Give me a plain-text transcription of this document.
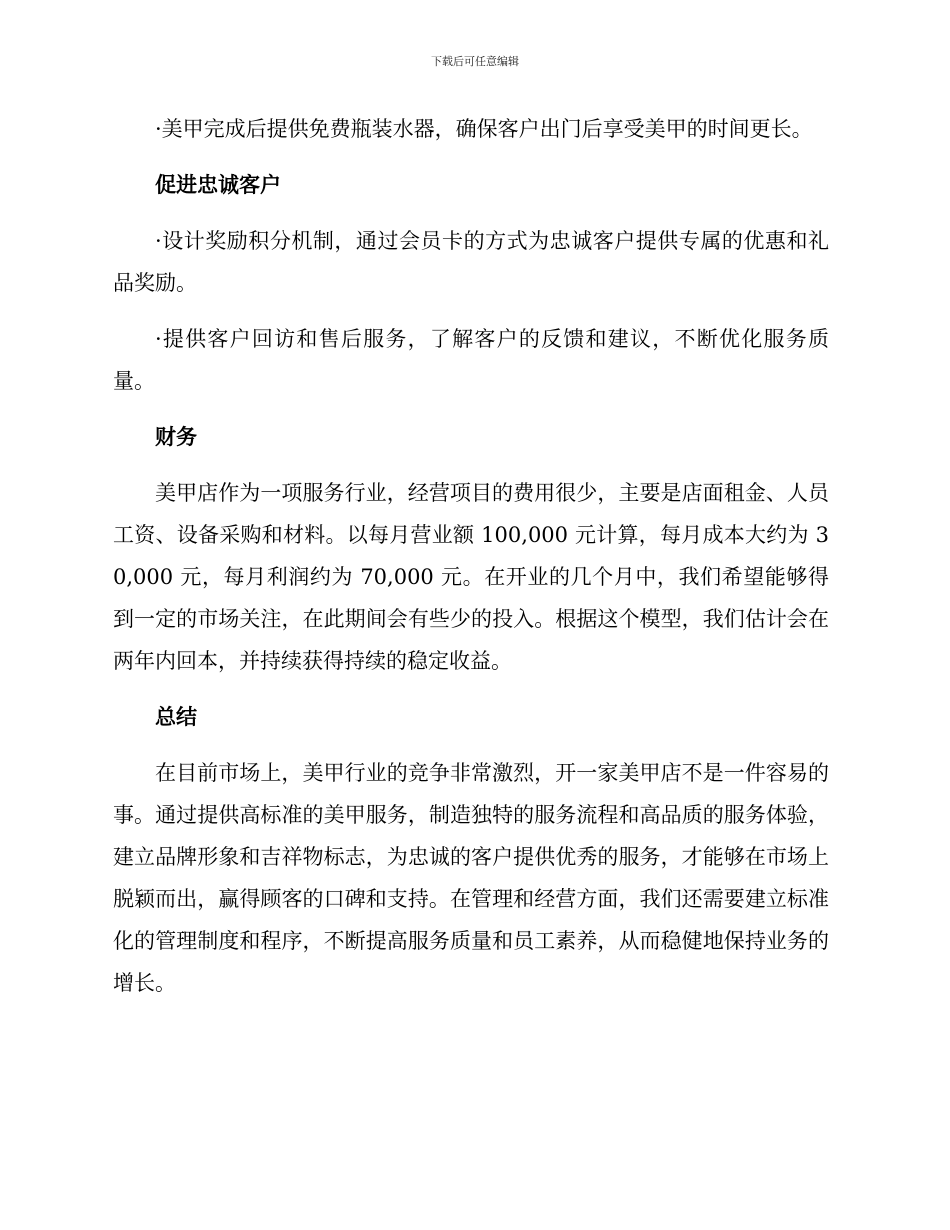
下载后可任意编辑

·美甲完成后提供免费瓶装水器，确保客户出门后享受美甲的时间更长。

促进忠诚客户

·设计奖励积分机制，通过会员卡的方式为忠诚客户提供专属的优惠和礼品奖励。

·提供客户回访和售后服务，了解客户的反馈和建议，不断优化服务质量。

财务

美甲店作为一项服务行业，经营项目的费用很少，主要是店面租金、人员工资、设备采购和材料。以每月营业额 100,000 元计算，每月成本大约为 30,000 元，每月利润约为 70,000 元。在开业的几个月中，我们希望能够得到一定的市场关注，在此期间会有些少的投入。根据这个模型，我们估计会在两年内回本，并持续获得持续的稳定收益。

总结

在目前市场上，美甲行业的竞争非常激烈，开一家美甲店不是一件容易的事。通过提供高标准的美甲服务，制造独特的服务流程和高品质的服务体验，建立品牌形象和吉祥物标志，为忠诚的客户提供优秀的服务，才能够在市场上脱颖而出，赢得顾客的口碑和支持。在管理和经营方面，我们还需要建立标准化的管理制度和程序，不断提高服务质量和员工素养，从而稳健地保持业务的增长。
